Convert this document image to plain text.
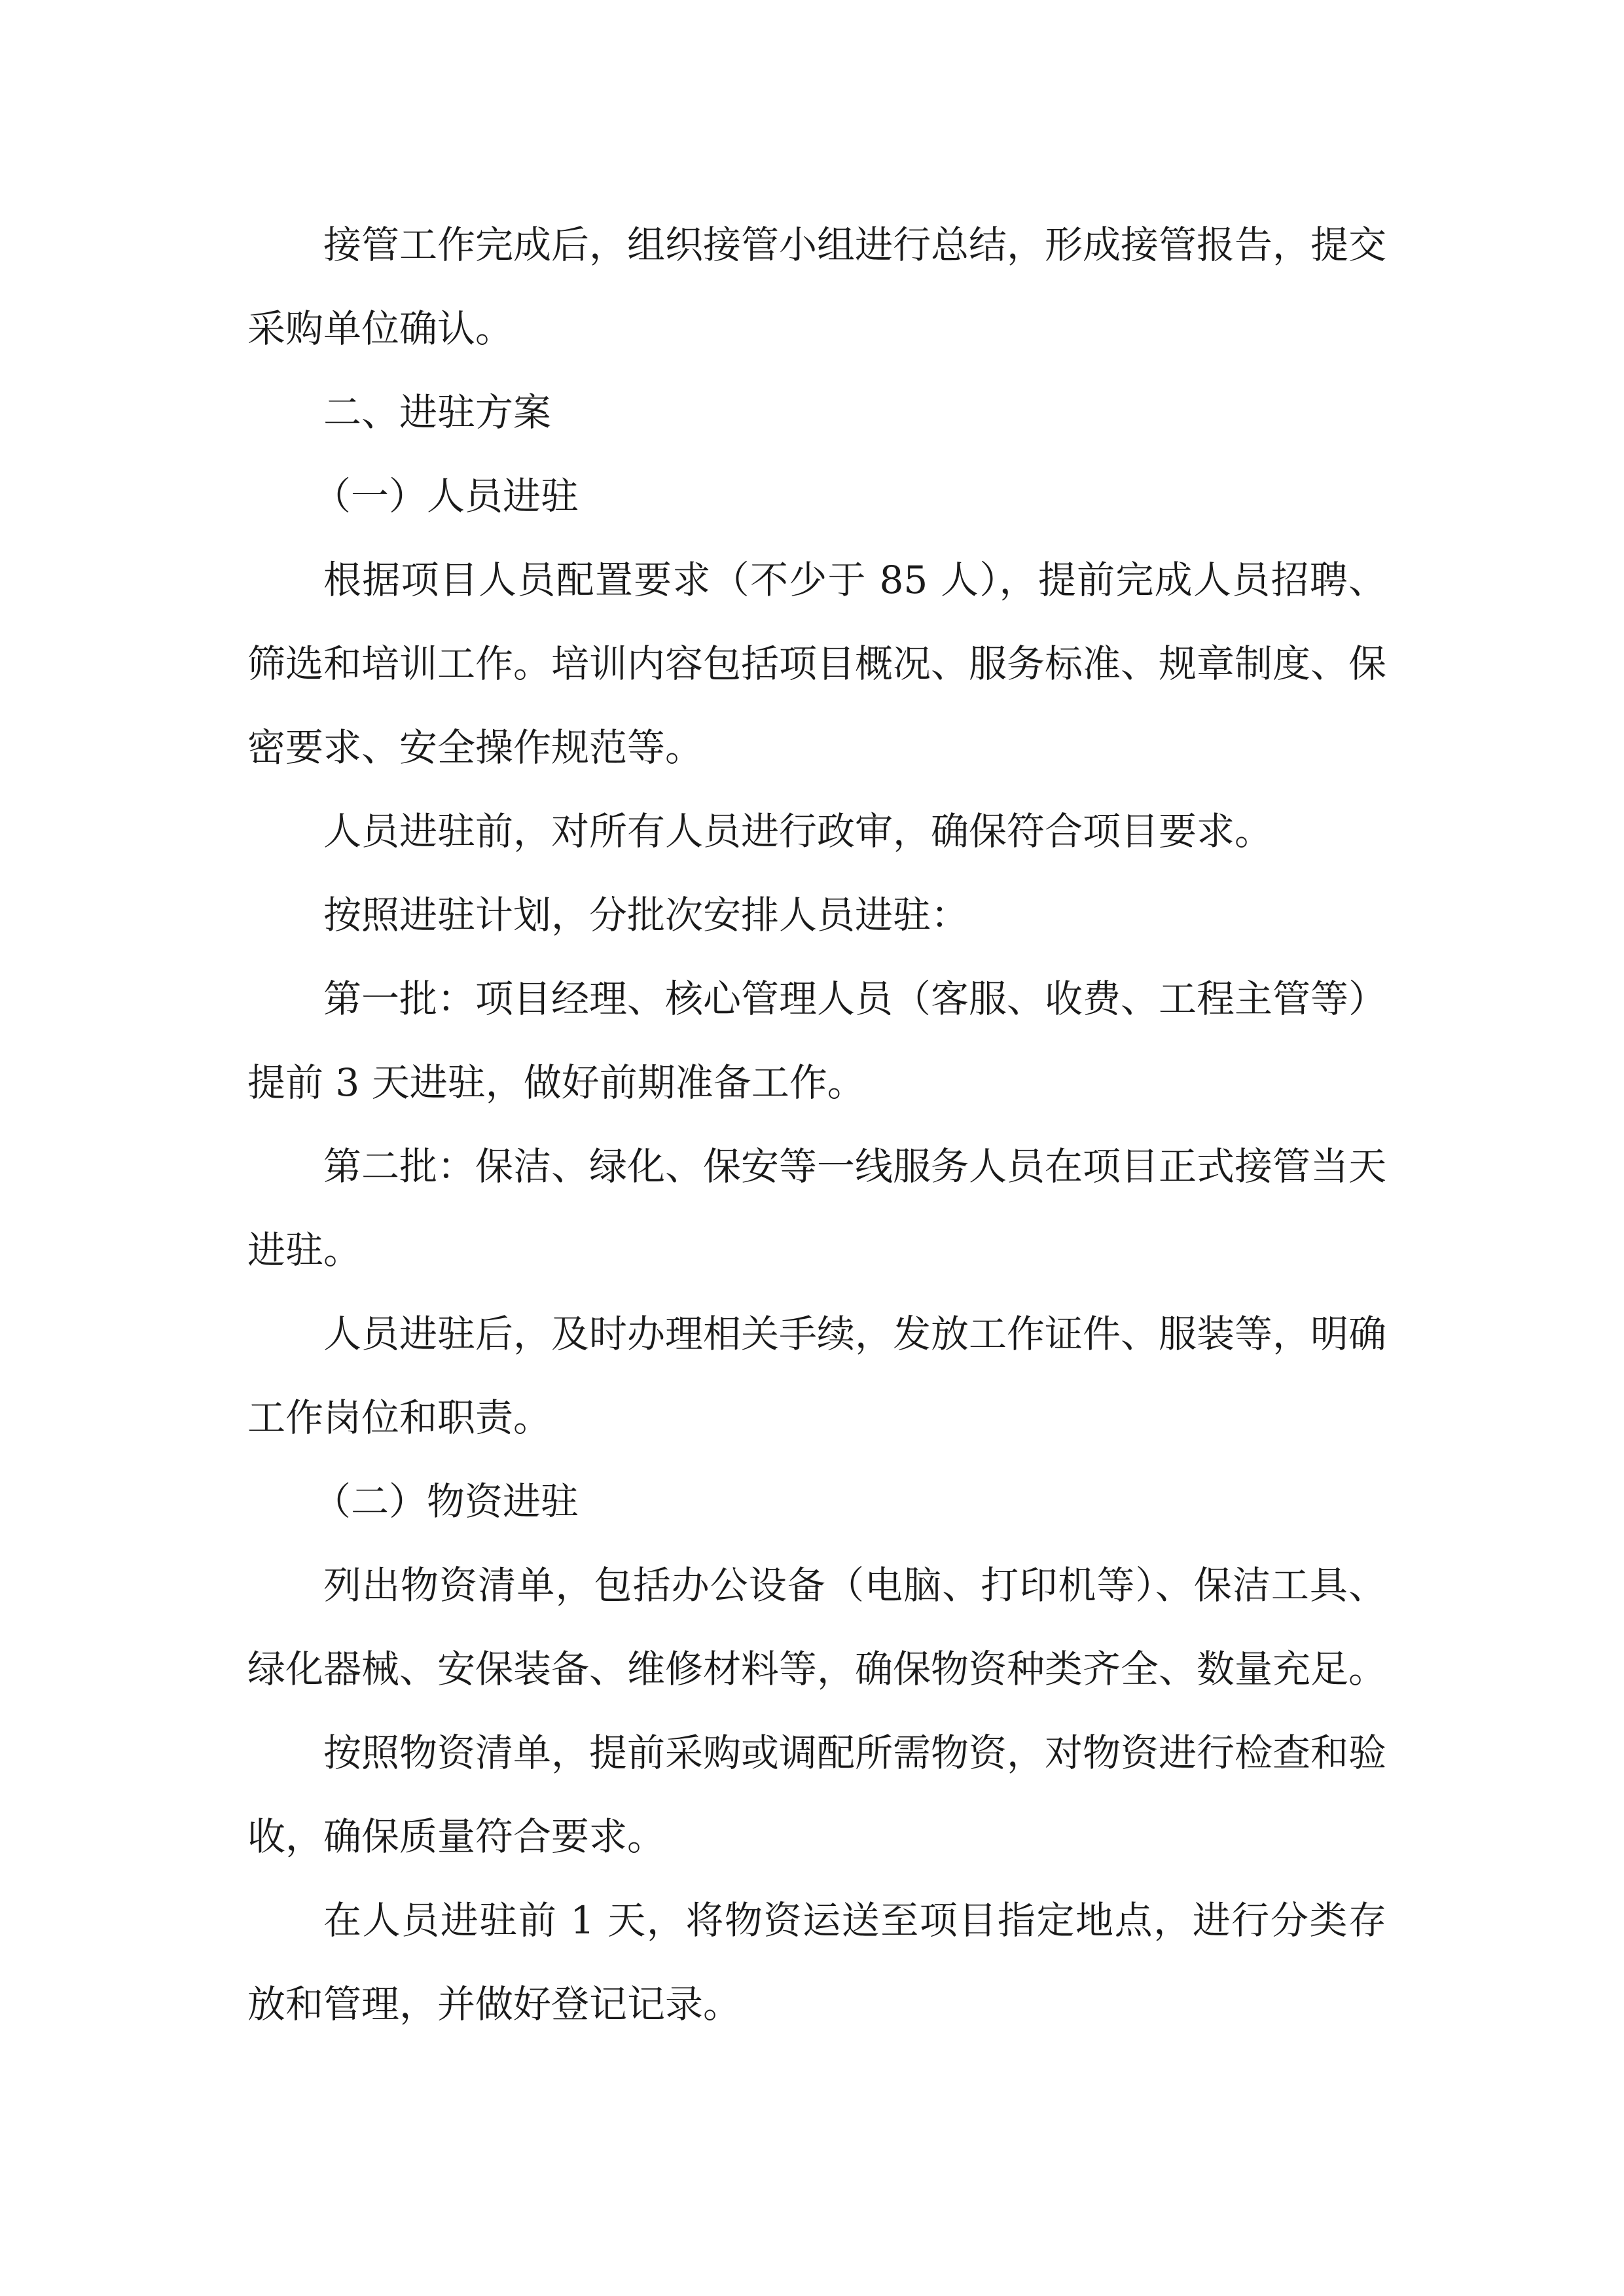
接管工作完成后，组织接管小组进行总结，形成接管报告，提交采购单位确认。

二、进驻方案

（一）人员进驻

根据项目人员配置要求（不少于 85 人），提前完成人员招聘、筛选和培训工作。培训内容包括项目概况、服务标准、规章制度、保密要求、安全操作规范等。

人员进驻前，对所有人员进行政审，确保符合项目要求。

按照进驻计划，分批次安排人员进驻：

第一批：项目经理、核心管理人员（客服、收费、工程主管等）提前 3 天进驻，做好前期准备工作。

第二批：保洁、绿化、保安等一线服务人员在项目正式接管当天进驻。

人员进驻后，及时办理相关手续，发放工作证件、服装等，明确工作岗位和职责。

（二）物资进驻

列出物资清单，包括办公设备（电脑、打印机等）、保洁工具、绿化器械、安保装备、维修材料等，确保物资种类齐全、数量充足。

按照物资清单，提前采购或调配所需物资，对物资进行检查和验收，确保质量符合要求。

在人员进驻前 1 天，将物资运送至项目指定地点，进行分类存放和管理，并做好登记记录。
